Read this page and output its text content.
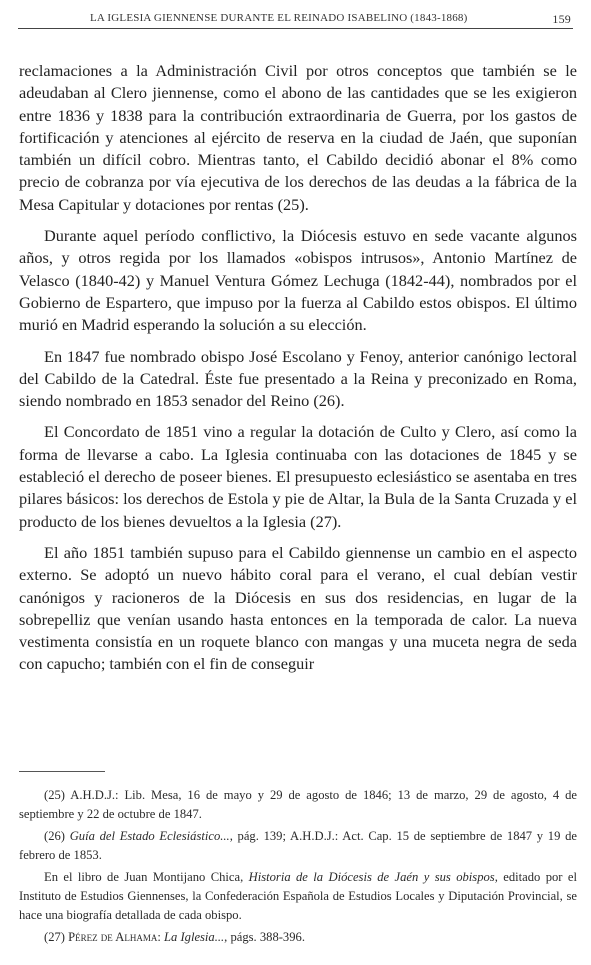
LA IGLESIA GIENNENSE DURANTE EL REINADO ISABELINO (1843-1868)	159

reclamaciones a la Administración Civil por otros conceptos que también se le adeudaban al Clero jiennense, como el abono de las cantidades que se les exigieron entre 1836 y 1838 para la contribución extraordinaria de Guerra, por los gastos de fortificación y atenciones al ejército de reserva en la ciudad de Jaén, que suponían también un difícil cobro. Mientras tanto, el Cabildo decidió abonar el 8% como precio de cobranza por vía ejecutiva de los derechos de las deudas a la fábrica de la Mesa Capitular y dotaciones por rentas (25).

Durante aquel período conflictivo, la Diócesis estuvo en sede vacante algunos años, y otros regida por los llamados «obispos intrusos», Antonio Martínez de Velasco (1840-42) y Manuel Ventura Gómez Lechuga (1842-44), nombrados por el Gobierno de Espartero, que impuso por la fuerza al Cabildo estos obispos. El último murió en Madrid esperando la solución a su elección.

En 1847 fue nombrado obispo José Escolano y Fenoy, anterior canónigo lectoral del Cabildo de la Catedral. Éste fue presentado a la Reina y preconizado en Roma, siendo nombrado en 1853 senador del Reino (26).

El Concordato de 1851 vino a regular la dotación de Culto y Clero, así como la forma de llevarse a cabo. La Iglesia continuaba con las dotaciones de 1845 y se estableció el derecho de poseer bienes. El presupuesto eclesiástico se asentaba en tres pilares básicos: los derechos de Estola y pie de Altar, la Bula de la Santa Cruzada y el producto de los bienes devueltos a la Iglesia (27).

El año 1851 también supuso para el Cabildo giennense un cambio en el aspecto externo. Se adoptó un nuevo hábito coral para el verano, el cual debían vestir canónigos y racioneros de la Diócesis en sus dos residencias, en lugar de la sobrepelliz que venían usando hasta entonces en la temporada de calor. La nueva vestimenta consistía en un roquete blanco con mangas y una muceta negra de seda con capucho; también con el fin de conseguir

(25) A.H.D.J.: Lib. Mesa, 16 de mayo y 29 de agosto de 1846; 13 de marzo, 29 de agosto, 4 de septiembre y 22 de octubre de 1847.

(26) Guía del Estado Eclesiástico..., pág. 139; A.H.D.J.: Act. Cap. 15 de septiembre de 1847 y 19 de febrero de 1853.

En el libro de Juan Montijano Chica, Historia de la Diócesis de Jaén y sus obispos, editado por el Instituto de Estudios Giennenses, la Confederación Española de Estudios Locales y Diputación Provincial, se hace una biografía detallada de cada obispo.

(27) Pérez de Alhama: La Iglesia..., págs. 388-396.
